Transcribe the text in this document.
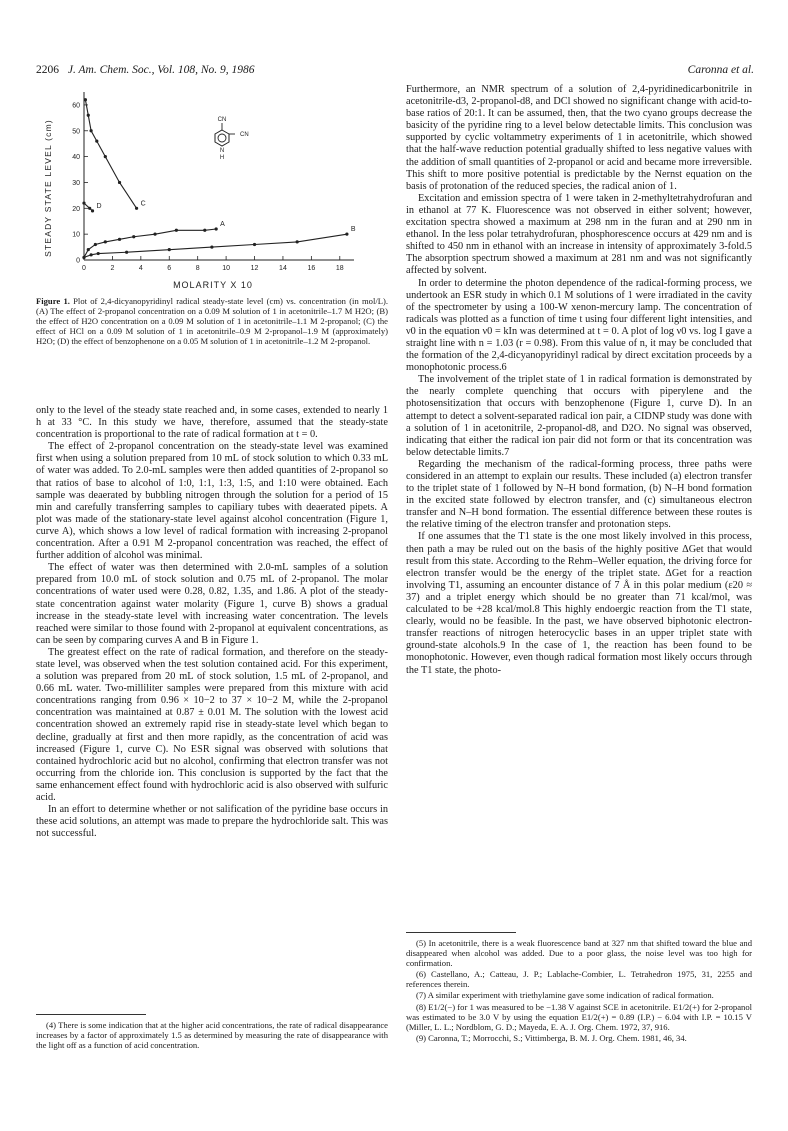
2206 J. Am. Chem. Soc., Vol. 108, No. 9, 1986	Caronna et al.
0	2	4	6	8	10	12	14	16	18
0
10
20
30
40
50
60
A
B
C
D
MOLARITY X 10
STEADY STATE LEVEL (cm)	CN
CN
N
H
Figure 1. Plot of 2,4-dicyanopyridinyl radical steady-state level (cm) vs. concentration (in mol/L). (A) The effect of 2-propanol concentration on a 0.09 M solution of 1 in acetonitrile–1.7 M H2O; (B) the effect of H2O concentration on a 0.09 M solution of 1 in acetonitrile–1.1 M 2-propanol; (C) the effect of HCl on a 0.09 M solution of 1 in acetonitrile–0.9 M 2-propanol–1.9 M (approximately) H2O; (D) the effect of benzophenone on a 0.05 M solution of 1 in acetonitrile–1.2 M 2-propanol.

only to the level of the steady state reached and, in some cases, extended to nearly 1 h at 33 °C. In this study we have, therefore, assumed that the steady-state concentration is proportional to the rate of radical formation at t = 0.

The effect of 2-propanol concentration on the steady-state level was examined first when using a solution prepared from 10 mL of stock solution to which 0.33 mL of water was added. To 2.0-mL samples were then added quantities of 2-propanol so that ratios of base to alcohol of 1:0, 1:1, 1:3, 1:5, and 1:10 were obtained. Each sample was deaerated by bubbling nitrogen through the solution for a period of 15 min and carefully transferring samples to capiliary tubes with deaerated pipets. A plot was made of the stationary-state level against alcohol concentration (Figure 1, curve A), which shows a low level of radical formation with increasing 2-propanol concentration. After a 0.91 M 2-propanol concentration was reached, the effect of further addition of alcohol was minimal.

The effect of water was then determined with 2.0-mL samples of a solution prepared from 10.0 mL of stock solution and 0.75 mL of 2-propanol. The molar concentrations of water used were 0.28, 0.82, 1.35, and 1.86. A plot of the steady-state concentration against water molarity (Figure 1, curve B) shows a gradual increase in the steady-state level with increasing water concentration. The levels reached were similar to those found with 2-propanol at equivalent concentrations, as can be seen by comparing curves A and B in Figure 1.

The greatest effect on the rate of radical formation, and therefore on the steady-state level, was observed when the test solution contained acid. For this experiment, a solution was prepared from 20 mL of stock solution, 1.5 mL of 2-propanol, and 0.66 mL water. Two-milliliter samples were prepared from this mixture with acid concentrations ranging from 0.96 × 10−2 to 37 × 10−2 M, while the 2-propanol concentration was maintained at 0.87 ± 0.01 M. The solution with the lowest acid concentration showed an extremely rapid rise in steady-state level which began to decline, gradually at first and then more rapidly, as the concentration of acid was increased (Figure 1, curve C). No ESR signal was observed with solutions that contained hydrochloric acid but no alcohol, confirming that electron transfer was not occurring from the chloride ion. This conclusion is supported by the fact that the same enhancement effect found with hydrochloric acid is also observed with sulfuric acid.

In an effort to determine whether or not salification of the pyridine base occurs in these acid solutions, an attempt was made to prepare the hydrochloride salt. This was not successful.

Furthermore, an NMR spectrum of a solution of 2,4-pyridinedicarbonitrile in acetonitrile-d3, 2-propanol-d8, and DCl showed no significant change with acid-to-base ratios of 20:1. It can be assumed, then, that the two cyano groups decrease the basicity of the pyridine ring to a level below detectable limits. This conclusion was supported by cyclic voltammetry experiments of 1 in acetonitrile, which showed that the half-wave reduction potential gradually shifted to less negative values with the addition of small quantities of 2-propanol or acid and became more irreversible. This shift to more positive potential is predictable by the Nernst equation on the basis of protonation of the reduced species, the radical anion of 1.

Excitation and emission spectra of 1 were taken in 2-methyltetrahydrofuran and in ethanol at 77 K. Fluorescence was not observed in either solvent; however, excitation spectra showed a maximum at 298 nm in the furan and at 290 nm in ethanol. In the less polar tetrahydrofuran, phosphorescence occurs at 429 nm and is shifted to 450 nm in ethanol with an increase in intensity of approximately 3-fold.5 The absorption spectrum showed a maximum at 281 nm and was not significantly affected by solvent.

In order to determine the photon dependence of the radical-forming process, we undertook an ESR study in which 0.1 M solutions of 1 were irradiated in the cavity of the spectrometer by using a 100-W xenon-mercury lamp. The concentration of radicals was plotted as a function of time t using four different light intensities, and ν0 in the equation ν0 = kIn was determined at t = 0. A plot of log ν0 vs. log I gave a straight line with n = 1.03 (r = 0.98). From this value of n, it may be concluded that the formation of the 2,4-dicyanopyridinyl radical by direct excitation proceeds by a monophotonic process.6

The involvement of the triplet state of 1 in radical formation is demonstrated by the nearly complete quenching that occurs with piperylene and the photosensitization that occurs with benzophenone (Figure 1, curve D). In an attempt to detect a solvent-separated radical ion pair, a CIDNP study was done with a solution of 1 in acetonitrile, 2-propanol-d8, and D2O. No signal was observed, indicating that either the radical ion pair did not form or that its concentration was below detectable limits.7

Regarding the mechanism of the radical-forming process, three paths were considered in an attempt to explain our results. These included (a) electron transfer to the triplet state of 1 followed by N–H bond formation, (b) N–H bond formation in the excited state followed by electron transfer, and (c) simultaneous electron transfer and N–H bond formation. The essential difference between these routes is the relative timing of the electron transfer and protonation steps.

If one assumes that the T1 state is the one most likely involved in this process, then path a may be ruled out on the basis of the highly positive ΔGet that would result from this state. According to the Rehm–Weller equation, the driving force for electron transfer would be the energy of the triplet state. ΔGet for a reaction involving T1, assuming an encounter distance of 7 Å in this polar medium (ε20 ≈ 37) and a triplet energy which should be no greater than 71 kcal/mol, was calculated to be +28 kcal/mol.8 This highly endoergic reaction from the T1 state, clearly, would no be feasible. In the past, we have observed biphotonic electron-transfer reactions of nitrogen heterocyclic bases in an upper triplet state with ground-state alcohols.9 In the case of 1, the reaction has been found to be monophotonic. However, even though radical formation most likely occurs through the T1 state, the photo-

(4) There is some indication that at the higher acid concentrations, the rate of radical disappearance increases by a factor of approximately 1.5 as determined by measuring the rate of disappearance with the light off as a function of acid concentration.

(5) In acetonitrile, there is a weak fluorescence band at 327 nm that shifted toward the blue and disappeared when alcohol was added. Due to a poor glass, the noise level was too high for confirmation.

(6) Castellano, A.; Catteau, J. P.; Lablache-Combier, L. Tetrahedron 1975, 31, 2255 and references therein.

(7) A similar experiment with triethylamine gave some indication of radical formation.

(8) E1/2(−) for 1 was measured to be −1.38 V against SCE in acetonitrile. E1/2(+) for 2-propanol was estimated to be 3.0 V by using the equation E1/2(+) = 0.89 (I.P.) − 6.04 with I.P. = 10.15 V (Miller, L. L.; Nordblom, G. D.; Mayeda, E. A. J. Org. Chem. 1972, 37, 916.

(9) Caronna, T.; Morrocchi, S.; Vittimberga, B. M. J. Org. Chem. 1981, 46, 34.
